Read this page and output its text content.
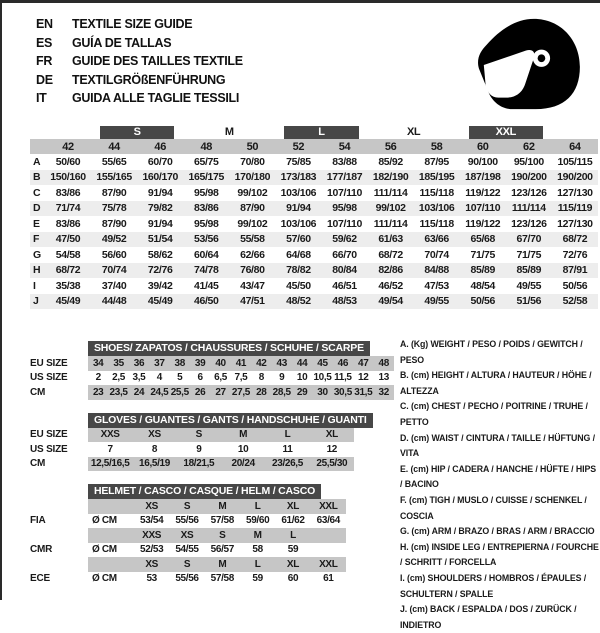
EN	TEXTILE SIZE GUIDE
ES	GUÍA DE TALLAS
FR	GUIDE DES TAILLES TEXTILE
DE	TEXTILGRÖßENFÜHRUNG
IT	GUIDA ALLE TAGLIE TESSILI

		S		M		L		XL		XXL		

	42	44	46	48	50	52	54	56	58	60	62	64
A	50/60	55/65	60/70	65/75	70/80	75/85	83/88	85/92	87/95	90/100	95/100	105/115
B	150/160	155/165	160/170	165/175	170/180	173/183	177/187	182/190	185/195	187/198	190/200	190/200
C	83/86	87/90	91/94	95/98	99/102	103/106	107/110	111/114	115/118	119/122	123/126	127/130
D	71/74	75/78	79/82	83/86	87/90	91/94	95/98	99/102	103/106	107/110	111/114	115/119
E	83/86	87/90	91/94	95/98	99/102	103/106	107/110	111/114	115/118	119/122	123/126	127/130
F	47/50	49/52	51/54	53/56	55/58	57/60	59/62	61/63	63/66	65/68	67/70	68/72
G	54/58	56/60	58/62	60/64	62/66	64/68	66/70	68/72	70/74	71/75	71/75	72/76
H	68/72	70/74	72/76	74/78	76/80	78/82	80/84	82/86	84/88	85/89	85/89	87/91
I	35/38	37/40	39/42	41/45	43/47	45/50	46/51	46/52	47/53	48/54	49/55	50/56
J	45/49	44/48	45/49	46/50	47/51	48/52	48/53	49/54	49/55	50/56	51/56	52/58
SHOES/ ZAPATOS / CHAUSSURES / SCHUHE / SCARPE
EU SIZE	34	35	36	37	38	39	40	41	42	43	44	45	46	47	48
US SIZE	2	2,5	3,5	4	5	6	6,5	7,5	8	9	10	10,5	11,5	12	13
CM	23	23,5	24	24,5	25,5	26	27	27,5	28	28,5	29	30	30,5	31,5	32
GLOVES / GUANTES / GANTS / HANDSCHUHE / GUANTI
EU SIZE	XXS	XS	S	M	L	XL
US SIZE	7	8	9	10	11	12
CM	12,5/16,5	16,5/19	18/21,5	20/24	23/26,5	25,5/30
HELMET / CASCO / CASQUE / HELM / CASCO
		XS	S	M	L	XL	XXL
FIA	Ø CM	53/54	55/56	57/58	59/60	61/62	63/64
		XXS	XS	S	M	L	
CMR	Ø CM	52/53	54/55	56/57	58	59	
		XS	S	M	L	XL	XXL
ECE	Ø CM	53	55/56	57/58	59	60	61
A. (Kg) WEIGHT / PESO / POIDS / GEWITCH / PESO
B. (cm) HEIGHT / ALTURA / HAUTEUR / HÖHE / ALTEZZA
C. (cm) CHEST / PECHO / POITRINE / TRUHE / PETTO
D. (cm) WAIST / CINTURA / TAILLE / HÜFTUNG / VITA
E. (cm) HIP / CADERA / HANCHE / HÜFTE / HIPS / BACINO
F. (cm) TIGH / MUSLO / CUISSE / SCHENKEL / COSCIA
G. (cm) ARM / BRAZO / BRAS / ARM / BRACCIO
H. (cm) INSIDE LEG / ENTREPIERNA / FOURCHE / SCHRITT / FORCELLA
I. (cm) SHOULDERS / HOMBROS / ÉPAULES / SCHULTERN / SPALLE
J. (cm) BACK / ESPALDA / DOS / ZURÜCK / INDIETRO
